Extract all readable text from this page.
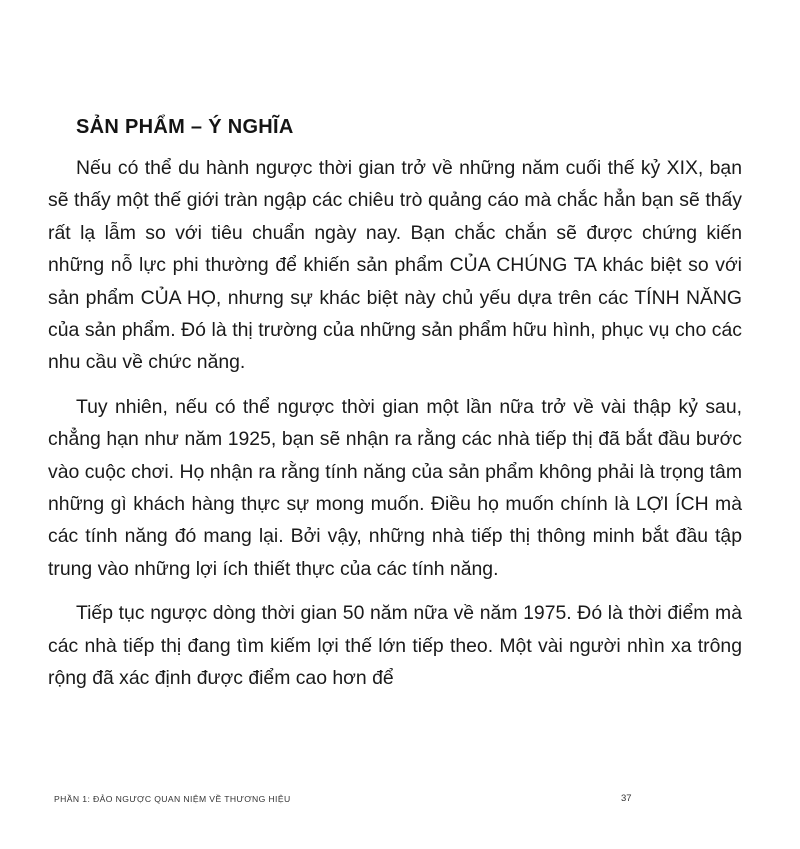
SẢN PHẨM – Ý NGHĨA

Nếu có thể du hành ngược thời gian trở về những năm cuối thế kỷ XIX, bạn sẽ thấy một thế giới tràn ngập các chiêu trò quảng cáo mà chắc hẳn bạn sẽ thấy rất lạ lẫm so với tiêu chuẩn ngày nay. Bạn chắc chắn sẽ được chứng kiến những nỗ lực phi thường để khiến sản phẩm CỦA CHÚNG TA khác biệt so với sản phẩm CỦA HỌ, nhưng sự khác biệt này chủ yếu dựa trên các TÍNH NĂNG của sản phẩm. Đó là thị trường của những sản phẩm hữu hình, phục vụ cho các nhu cầu về chức năng.

Tuy nhiên, nếu có thể ngược thời gian một lần nữa trở về vài thập kỷ sau, chẳng hạn như năm 1925, bạn sẽ nhận ra rằng các nhà tiếp thị đã bắt đầu bước vào cuộc chơi. Họ nhận ra rằng tính năng của sản phẩm không phải là trọng tâm những gì khách hàng thực sự mong muốn. Điều họ muốn chính là LỢI ÍCH mà các tính năng đó mang lại. Bởi vậy, những nhà tiếp thị thông minh bắt đầu tập trung vào những lợi ích thiết thực của các tính năng.

Tiếp tục ngược dòng thời gian 50 năm nữa về năm 1975. Đó là thời điểm mà các nhà tiếp thị đang tìm kiếm lợi thế lớn tiếp theo. Một vài người nhìn xa trông rộng đã xác định được điểm cao hơn để

PHẦN 1: ĐẢO NGƯỢC QUAN NIỆM VỀ THƯƠNG HIỆU	37
